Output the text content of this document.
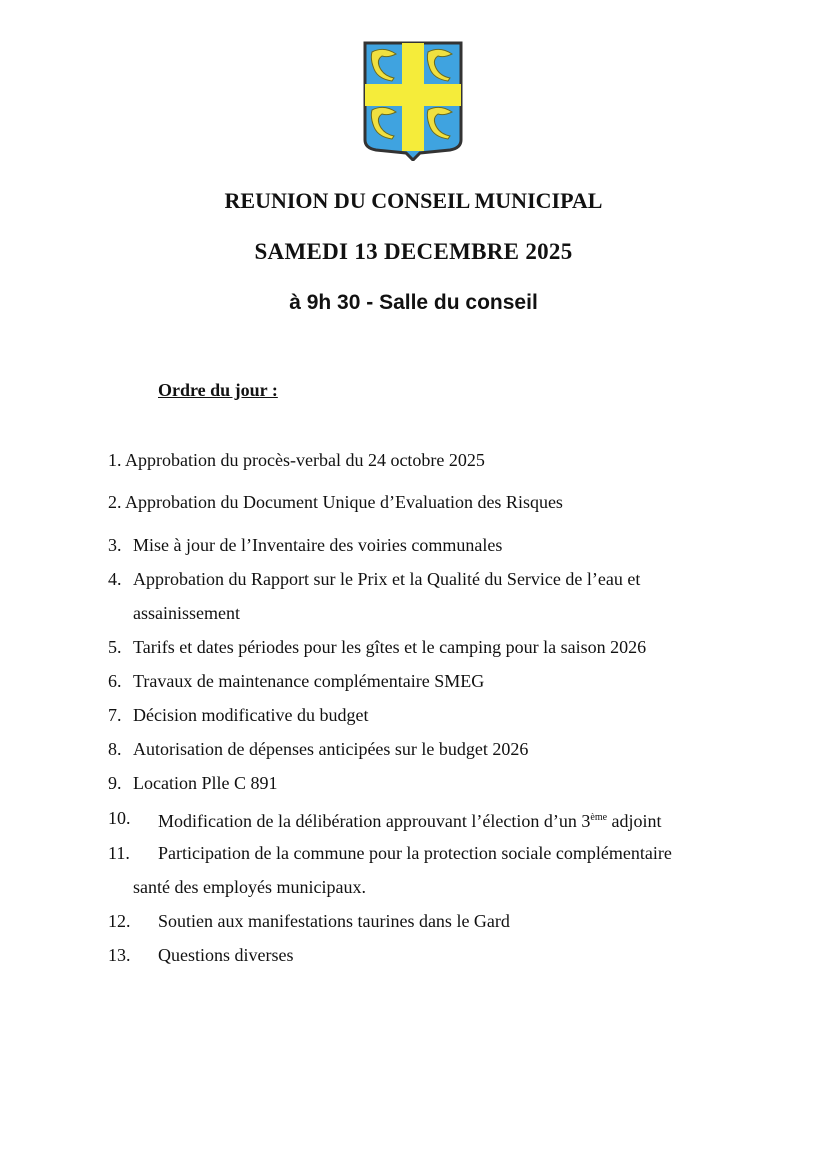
REUNION DU CONSEIL MUNICIPAL
SAMEDI 13 DECEMBRE 2025
à 9h 30 - Salle du conseil
Ordre du jour :
1. Approbation du procès-verbal du 24 octobre 2025
2. Approbation du Document Unique d’Evaluation des Risques
3. Mise à jour de l’Inventaire des voiries communales
4. Approbation du Rapport sur le Prix et la Qualité du Service de l’eau et
assainissement
5. Tarifs et dates périodes pour les gîtes et le camping pour la saison 2026
6. Travaux de maintenance complémentaire SMEG
7. Décision modificative du budget
8. Autorisation de dépenses anticipées sur le budget 2026
9. Location Plle C 891
10. Modification de la délibération approuvant l’élection d’un 3ème adjoint
11. Participation de la commune pour la protection sociale complémentaire
santé des employés municipaux.
12. Soutien aux manifestations taurines dans le Gard
13. Questions diverses
